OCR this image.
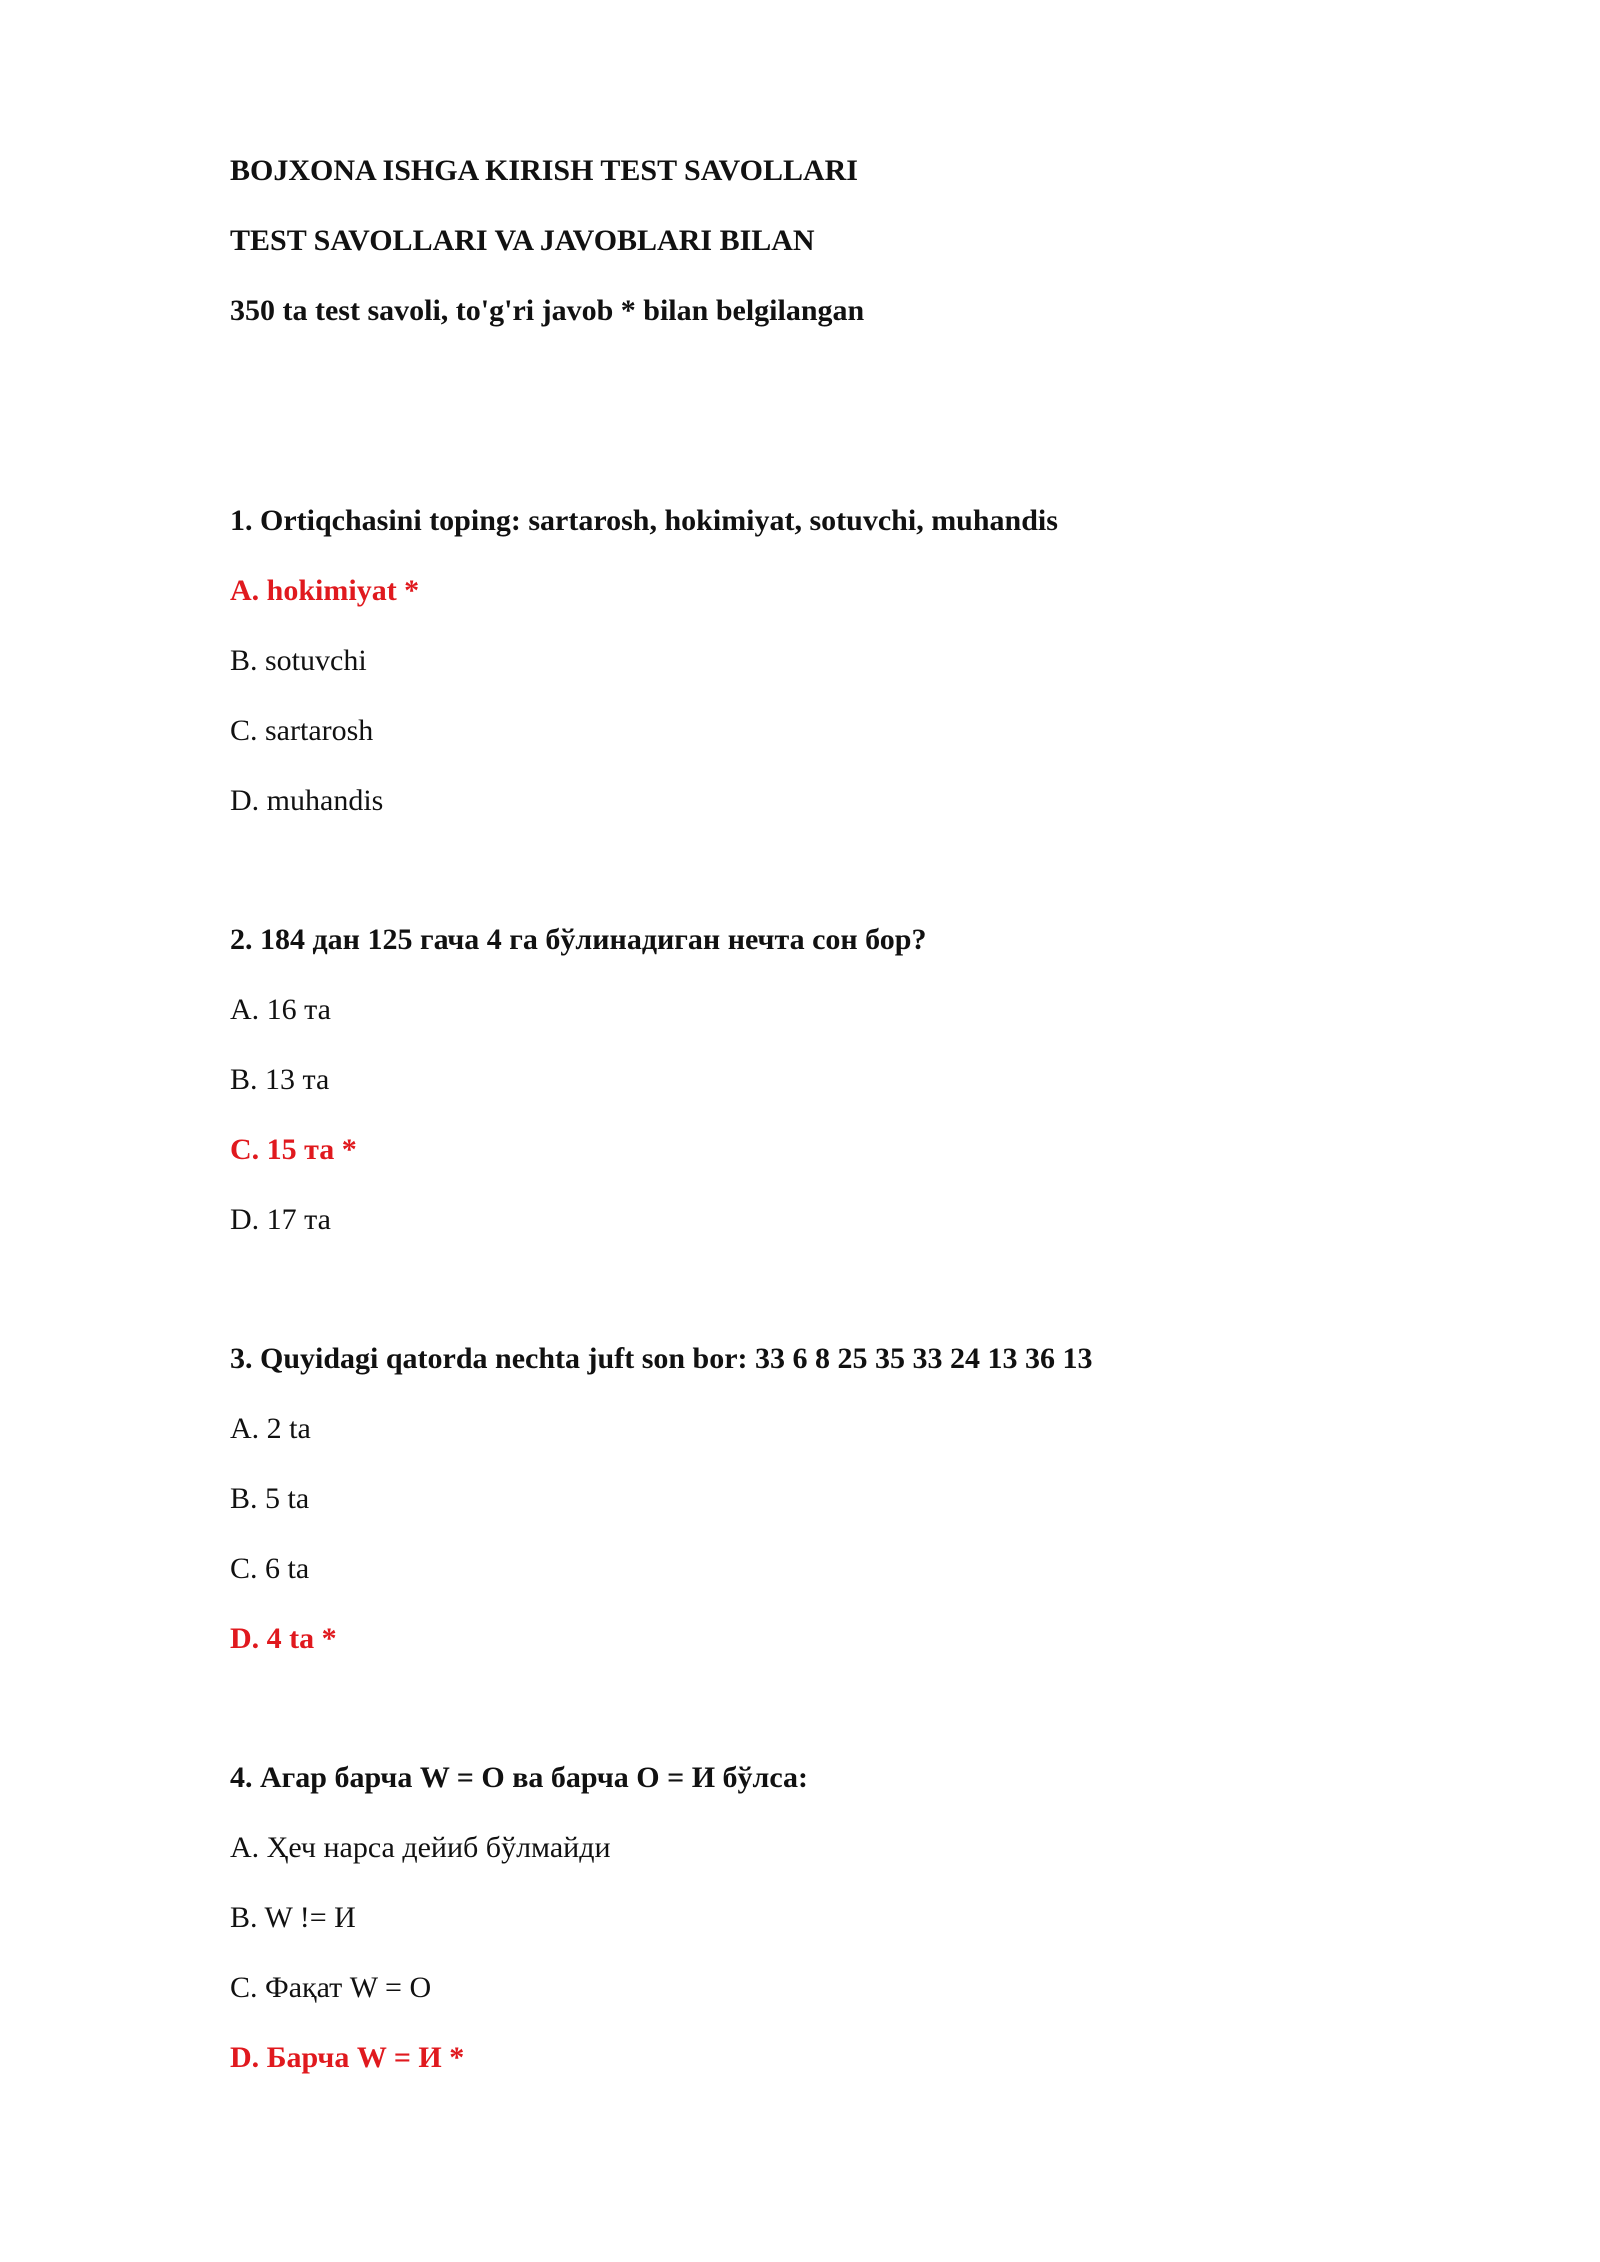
BOJXONA ISHGA KIRISH TEST SAVOLLARI
TEST SAVOLLARI VA JAVOBLARI BILAN
350 ta test savoli, to'g'ri javob * bilan belgilangan
1. Ortiqchasini toping: sartarosh, hokimiyat, sotuvchi, muhandis
A. hokimiyat *
B. sotuvchi
C. sartarosh
D. muhandis
2. 184 дан 125 гача 4 га бўлинадиган нечта сон бор?
A. 16 та
B. 13 та
C. 15 та *
D. 17 та
3. Quyidagi qatorda nechta juft son bor: 33 6 8 25 35 33 24 13 36 13
A. 2 ta
B. 5 ta
C. 6 ta
D. 4 ta *
4. Агар барча W = О ва барча О = И бўлса:
A. Ҳеч нарса дейиб бўлмайди
B. W != И
C. Фақат W = О
D. Барча W = И *
